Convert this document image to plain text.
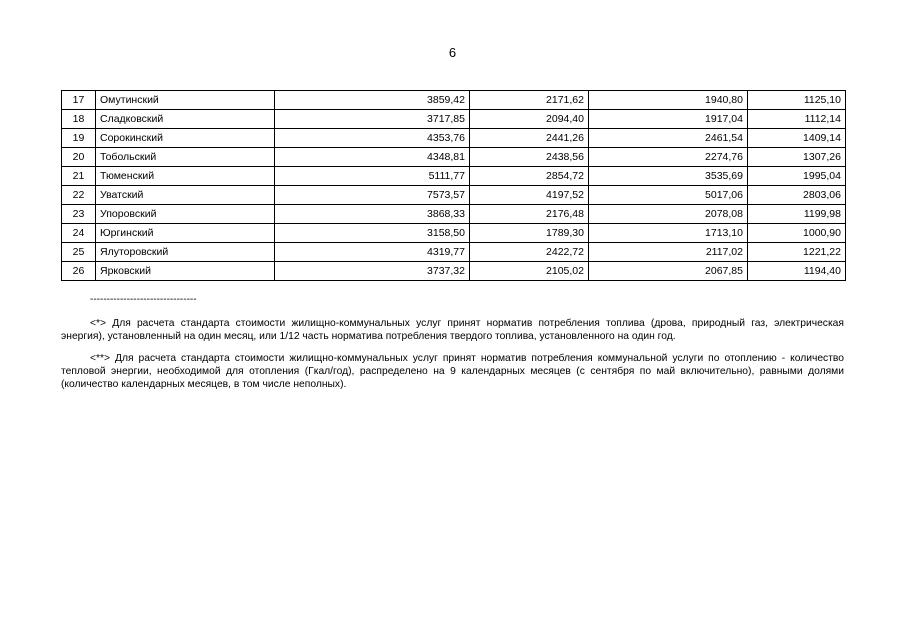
6
17	Омутинский	3859,42	2171,62	1940,80	1125,10
18	Сладковский	3717,85	2094,40	1917,04	1112,14
19	Сорокинский	4353,76	2441,26	2461,54	1409,14
20	Тобольский	4348,81	2438,56	2274,76	1307,26
21	Тюменский	5111,77	2854,72	3535,69	1995,04
22	Уватский	7573,57	4197,52	5017,06	2803,06
23	Упоровский	3868,33	2176,48	2078,08	1199,98
24	Юргинский	3158,50	1789,30	1713,10	1000,90
25	Ялуторовский	4319,77	2422,72	2117,02	1221,22
26	Ярковский	3737,32	2105,02	2067,85	1194,40
--------------------------------

<*> Для расчета стандарта стоимости жилищно-коммунальных услуг принят норматив потребления топлива (дрова, природный газ, электрическая энергия), установленный на один месяц, или 1/12 часть норматива потребления твердого топлива, установленного на один год.

<**> Для расчета стандарта стоимости жилищно-коммунальных услуг принят норматив потребления коммунальной услуги по отоплению - количество тепловой энергии, необходимой для отопления (Гкал/год), распределено на 9 календарных месяцев (с сентября по май включительно), равными долями (количество календарных месяцев, в том числе неполных).
